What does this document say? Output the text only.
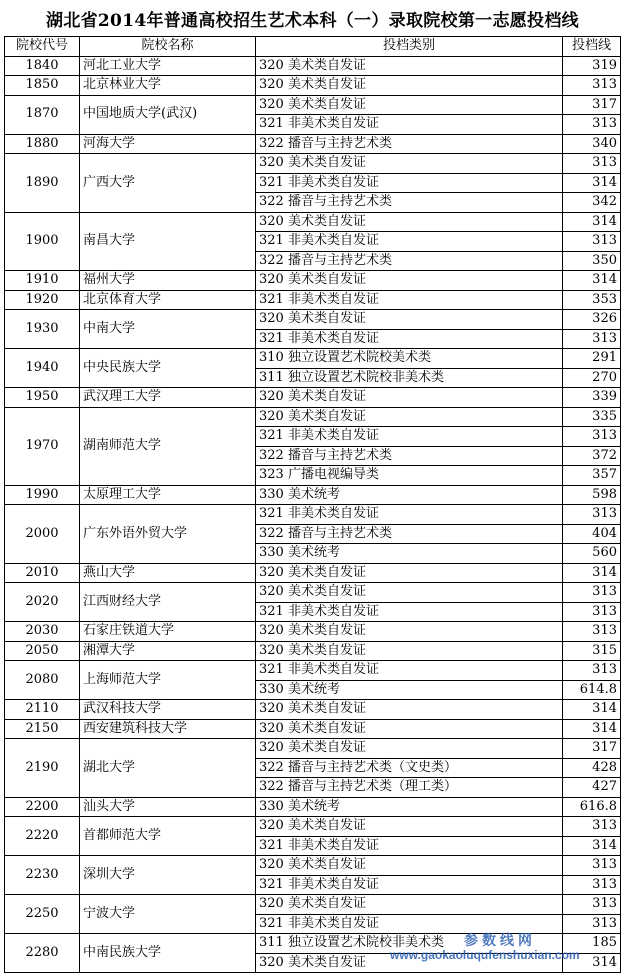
湖北省2014年普通高校招生艺术本科（一）录取院校第一志愿投档线
院校代号	院校名称	投档类别	投档线
1840	河北工业大学	320 美术类自发证	319
1850	北京林业大学	320 美术类自发证	313
1870	中国地质大学(武汉)	320 美术类自发证	317
		321 非美术类自发证	313
1880	河海大学	322 播音与主持艺术类	340
1890	广西大学	320 美术类自发证	313
		321 非美术类自发证	314
		322 播音与主持艺术类	342
1900	南昌大学	320 美术类自发证	314
		321 非美术类自发证	313
		322 播音与主持艺术类	350
1910	福州大学	320 美术类自发证	314
1920	北京体育大学	321 非美术类自发证	353
1930	中南大学	320 美术类自发证	326
		321 非美术类自发证	313
1940	中央民族大学	310 独立设置艺术院校美术类	291
		311 独立设置艺术院校非美术类	270
1950	武汉理工大学	320 美术类自发证	339
1970	湖南师范大学	320 美术类自发证	335
		321 非美术类自发证	313
		322 播音与主持艺术类	372
		323 广播电视编导类	357
1990	太原理工大学	330 美术统考	598
2000	广东外语外贸大学	321 非美术类自发证	313
		322 播音与主持艺术类	404
		330 美术统考	560
2010	燕山大学	320 美术类自发证	314
2020	江西财经大学	320 美术类自发证	313
		321 非美术类自发证	313
2030	石家庄铁道大学	320 美术类自发证	313
2050	湘潭大学	320 美术类自发证	315
2080	上海师范大学	321 非美术类自发证	313
		330 美术统考	614.8
2110	武汉科技大学	320 美术类自发证	314
2150	西安建筑科技大学	320 美术类自发证	314
2190	湖北大学	320 美术类自发证	317
		322 播音与主持艺术类（文史类）	428
		322 播音与主持艺术类（理工类）	427
2200	汕头大学	330 美术统考	616.8
2220	首都师范大学	320 美术类自发证	313
		321 非美术类自发证	314
2230	深圳大学	320 美术类自发证	313
		321 非美术类自发证	313
2250	宁波大学	320 美术类自发证	313
		321 非美术类自发证	313
2280	中南民族大学	311 独立设置艺术院校非美术类	185
		320 美术类自发证	314
参数线网
www.gaokaoluqufenshuxian.com
